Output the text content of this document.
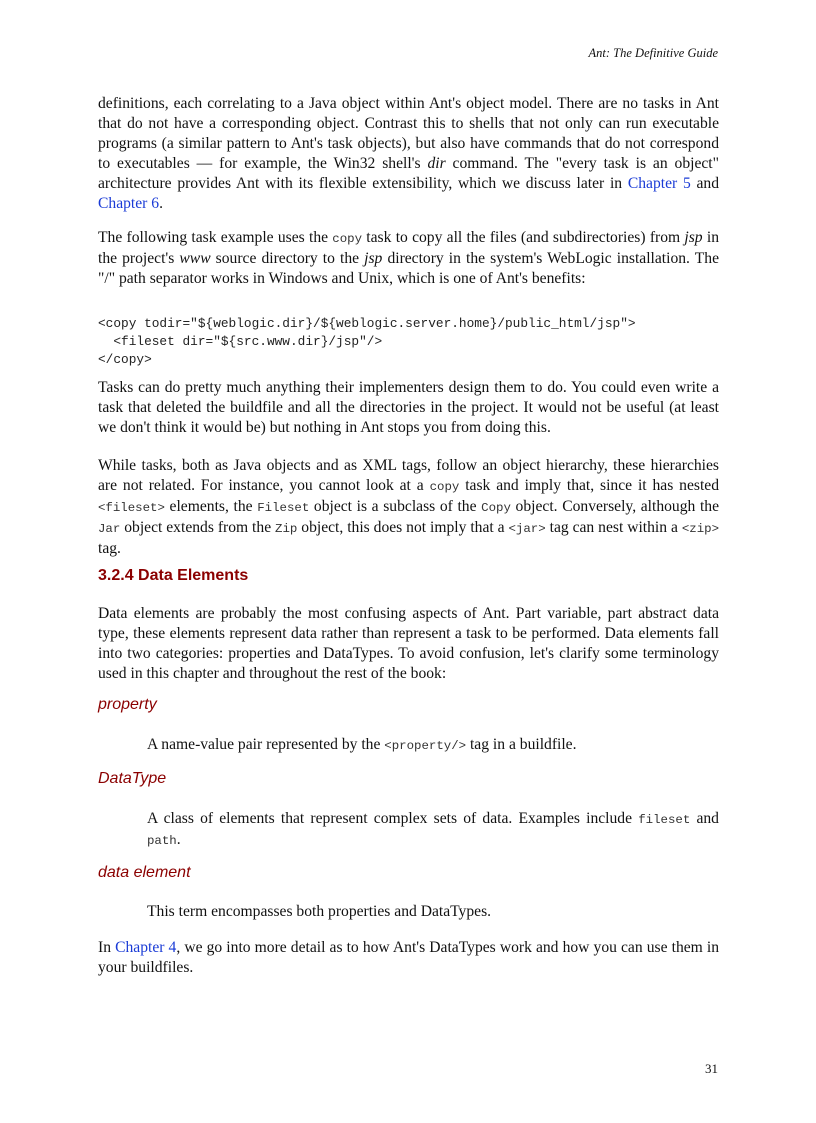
Ant: The Definitive Guide

definitions, each correlating to a Java object within Ant's object model. There are no tasks in Ant that do not have a corresponding object. Contrast this to shells that not only can run executable programs (a similar pattern to Ant's task objects), but also have commands that do not correspond to executables — for example, the Win32 shell's dir command. The "every task is an object" architecture provides Ant with its flexible extensibility, which we discuss later in Chapter 5 and Chapter 6.

The following task example uses the copy task to copy all the files (and subdirectories) from jsp in the project's www source directory to the jsp directory in the system's WebLogic installation. The "/" path separator works in Windows and Unix, which is one of Ant's benefits:

<copy todir="${weblogic.dir}/${weblogic.server.home}/public_html/jsp">
<fileset dir="${src.www.dir}/jsp"/>
</copy>

Tasks can do pretty much anything their implementers design them to do. You could even write a task that deleted the buildfile and all the directories in the project. It would not be useful (at least we don't think it would be) but nothing in Ant stops you from doing this.

While tasks, both as Java objects and as XML tags, follow an object hierarchy, these hierarchies are not related. For instance, you cannot look at a copy task and imply that, since it has nested <fileset> elements, the Fileset object is a subclass of the Copy object. Conversely, although the Jar object extends from the Zip object, this does not imply that a <jar> tag can nest within a <zip> tag.

3.2.4 Data Elements

Data elements are probably the most confusing aspects of Ant. Part variable, part abstract data type, these elements represent data rather than represent a task to be performed. Data elements fall into two categories: properties and DataTypes. To avoid confusion, let's clarify some terminology used in this chapter and throughout the rest of the book:

property

A name-value pair represented by the <property/> tag in a buildfile.

DataType

A class of elements that represent complex sets of data. Examples include fileset and path.

data element

This term encompasses both properties and DataTypes.

In Chapter 4, we go into more detail as to how Ant's DataTypes work and how you can use them in your buildfiles.

31
